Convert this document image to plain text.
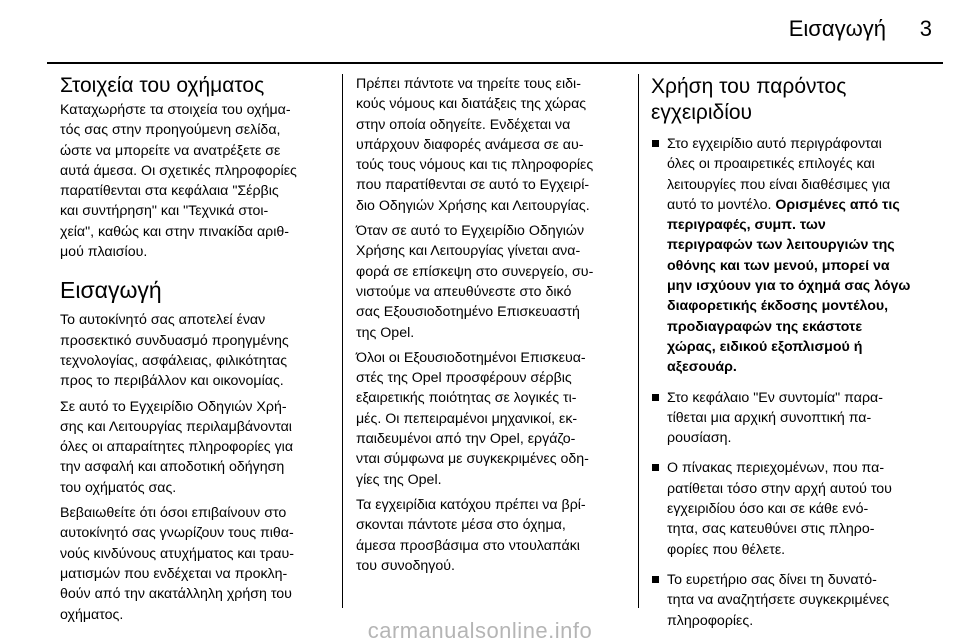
Εισαγωγή 3
Στοιχεία του οχήματος

Καταχωρήστε τα στοιχεία του οχήμα-
τός σας στην προηγούμενη σελίδα,
ώστε να μπορείτε να ανατρέξετε σε
αυτά άμεσα. Οι σχετικές πληροφορίες
παρατίθενται στα κεφάλαια "Σέρβις
και συντήρηση" και "Τεχνικά στοι-
χεία", καθώς και στην πινακίδα αριθ-
μού πλαισίου.

Εισαγωγή

Το αυτοκίνητό σας αποτελεί έναν
προσεκτικό συνδυασμό προηγμένης
τεχνολογίας, ασφάλειας, φιλικότητας
προς το περιβάλλον και οικονομίας.

Σε αυτό το Εγχειρίδιο Οδηγιών Χρή-
σης και Λειτουργίας περιλαμβάνονται
όλες οι απαραίτητες πληροφορίες για
την ασφαλή και αποδοτική οδήγηση
του οχήματός σας.

Βεβαιωθείτε ότι όσοι επιβαίνουν στο
αυτοκίνητό σας γνωρίζουν τους πιθα-
νούς κινδύνους ατυχήματος και τραυ-
ματισμών που ενδέχεται να προκλη-
θούν από την ακατάλληλη χρήση του
οχήματος.

Πρέπει πάντοτε να τηρείτε τους ειδι-
κούς νόμους και διατάξεις της χώρας
στην οποία οδηγείτε. Ενδέχεται να
υπάρχουν διαφορές ανάμεσα σε αυ-
τούς τους νόμους και τις πληροφορίες
που παρατίθενται σε αυτό το Εγχειρί-
διο Οδηγιών Χρήσης και Λειτουργίας.

Όταν σε αυτό το Εγχειρίδιο Οδηγιών
Χρήσης και Λειτουργίας γίνεται ανα-
φορά σε επίσκεψη στο συνεργείο, συ-
νιστούμε να απευθύνεστε στο δικό
σας Εξουσιοδοτημένο Επισκευαστή
της Opel.

Όλοι οι Εξουσιοδοτημένοι Επισκευα-
στές της Opel προσφέρουν σέρβις
εξαιρετικής ποιότητας σε λογικές τι-
μές. Οι πεπειραμένοι μηχανικοί, εκ-
παιδευμένοι από την Opel, εργάζο-
νται σύμφωνα με συγκεκριμένες οδη-
γίες της Opel.

Τα εγχειρίδια κατόχου πρέπει να βρί-
σκονται πάντοτε μέσα στο όχημα,
άμεσα προσβάσιμα στο ντουλαπάκι
του συνοδηγού.

Χρήση του παρόντος
εγχειριδίου
Στο εγχειρίδιο αυτό περιγράφονται
όλες οι προαιρετικές επιλογές και
λειτουργίες που είναι διαθέσιμες για
αυτό το μοντέλο. Ορισμένες από τις
περιγραφές, συμπ. των
περιγραφών των λειτουργιών της
οθόνης και των μενού, μπορεί να
μην ισχύουν για το όχημά σας λόγω
διαφορετικής έκδοσης μοντέλου,
προδιαγραφών της εκάστοτε
χώρας, ειδικού εξοπλισμού ή
αξεσουάρ.
Στο κεφάλαιο "Εν συντομία" παρα-
τίθεται μια αρχική συνοπτική πα-
ρουσίαση.
Ο πίνακας περιεχομένων, που πα-
ρατίθεται τόσο στην αρχή αυτού του
εγχειριδίου όσο και σε κάθε ενό-
τητα, σας κατευθύνει στις πληρο-
φορίες που θέλετε.
Το ευρετήριο σας δίνει τη δυνατό-
τητα να αναζητήσετε συγκεκριμένες
πληροφορίες.
carmanualsonline.info
